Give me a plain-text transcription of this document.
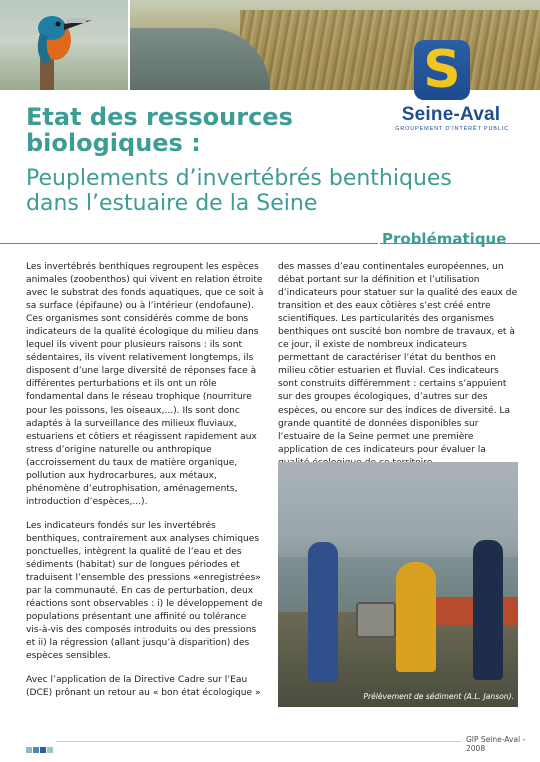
S
Seine-Aval
GROUPEMENT D'INTÉRÊT PUBLIC
Etat des ressources biologiques :
Peuplements d’invertébrés benthiques dans l’estuaire de la Seine
Problématique

Les invertébrés benthiques regroupent les espèces animales (zoobenthos) qui vivent en relation étroite avec le substrat des fonds aquatiques, que ce soit à sa surface (épifaune) ou à l’intérieur (endofaune). Ces organismes sont considérés comme de bons indicateurs de la qualité écologique du milieu dans lequel ils vivent pour plusieurs raisons : ils sont sédentaires, ils vivent relativement longtemps, ils disposent d’une large diversité de réponses face à différentes perturbations et ils ont un rôle fondamental dans le réseau trophique (nourriture pour les poissons, les oiseaux,...). Ils sont donc adaptés à la surveillance des milieux fluviaux, estuariens et côtiers et réagissent rapidement aux stress d’origine naturelle ou anthropique (accroissement du taux de matière organique, pollution aux hydrocarbures, aux métaux, phénomène d’eutrophisation, aménagements, introduction d’espèces,...).

Les indicateurs fondés sur les invertébrés benthiques, contrairement aux analyses chimiques ponctuelles, intègrent la qualité de l’eau et des sédiments (habitat) sur de longues périodes et traduisent l’ensemble des pressions «enregistrées» par la communauté. En cas de perturbation, deux réactions sont observables : i) le développement de populations présentant une affinité ou tolérance vis-à-vis des composés introduits ou des pressions et ii) la régression (allant jusqu’à disparition) des espèces sensibles.

Avec l’application de la Directive Cadre sur l’Eau (DCE) prônant un retour au « bon état écologique »

des masses d’eau continentales européennes, un débat portant sur la définition et l’utilisation d’indicateurs pour statuer sur la qualité des eaux de transition et des eaux côtières s’est créé entre scientifiques. Les particularités des organismes benthiques ont suscité bon nombre de travaux, et à ce jour, il existe de nombreux indicateurs permettant de caractériser l’état du benthos en milieu côtier estuarien et fluvial. Ces indicateurs sont construits différemment : certains s’appuient sur des groupes écologiques, d’autres sur des espèces, ou encore sur des indices de diversité. La grande quantité de données disponibles sur l’estuaire de la Seine permet une première application de ces indicateurs pour évaluer la

Prélèvement de sédiment (A.L. Janson).
GIP Seine-Aval - 2008
